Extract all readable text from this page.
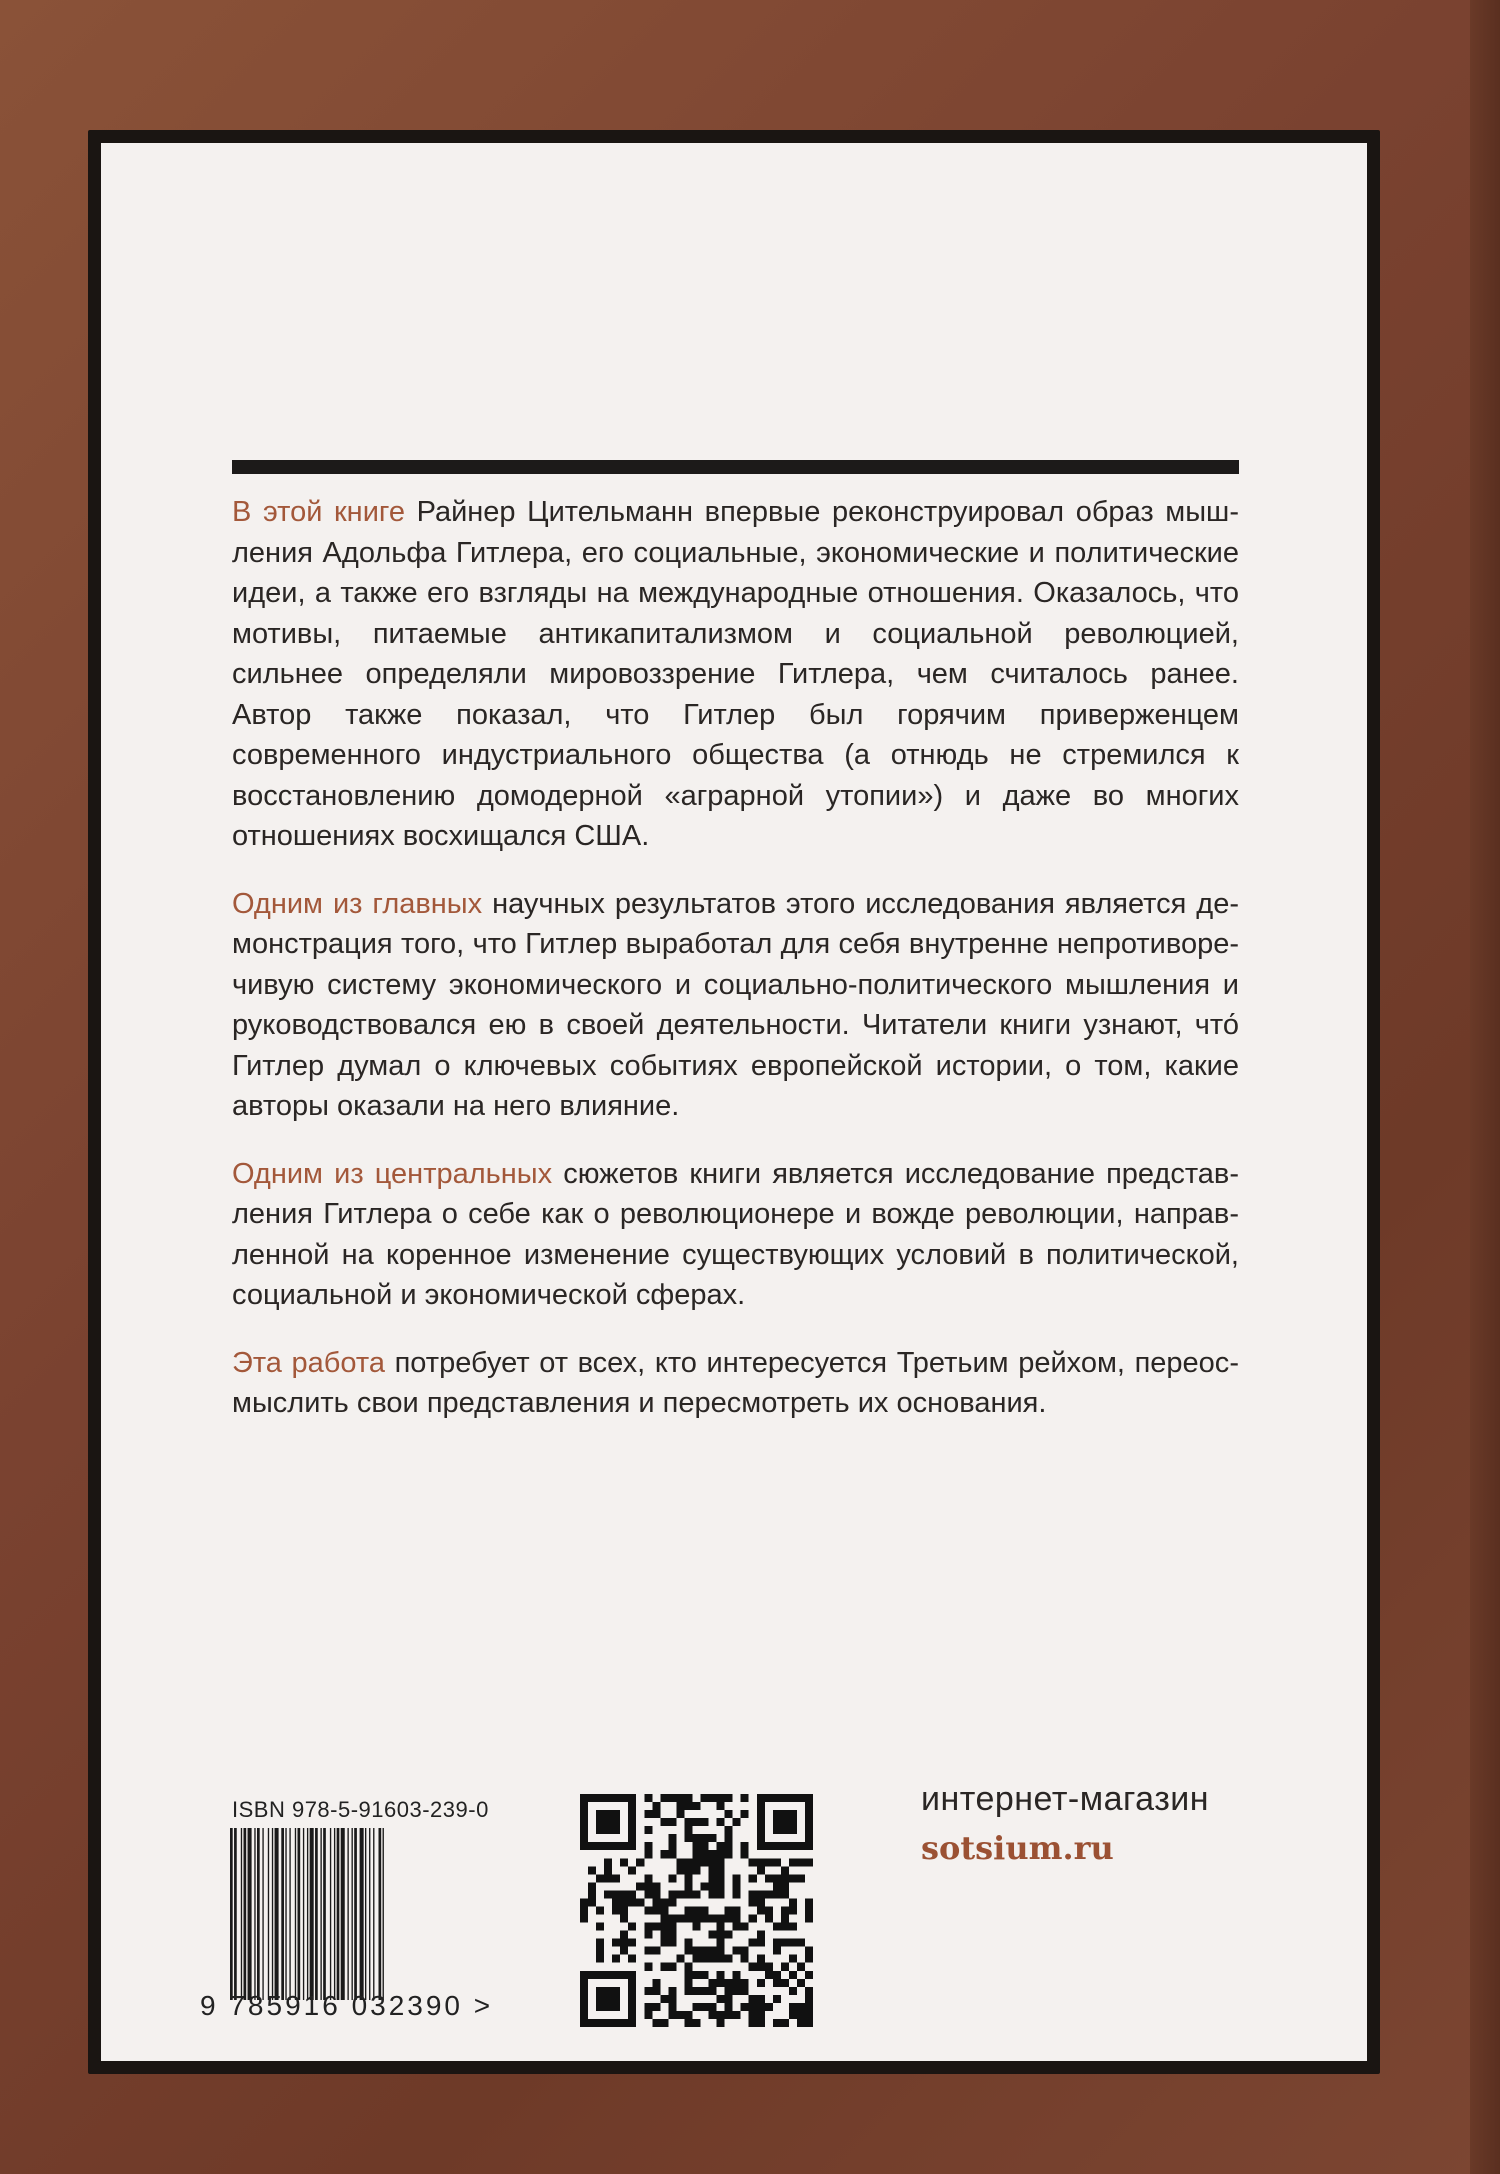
В этой книге Райнер Цительманн впервые реконструировал образ мышления Адольфа Гитлера, его социальные, экономические и политические идеи, а также его взгляды на международные отношения. Оказалось, что мотивы, питаемые антикапитализмом и социальной революцией, сильнее определяли мировоззрение Гитлера, чем считалось ранее. Автор также показал, что Гитлер был горячим приверженцем современного индустриального общества (а отнюдь не стремился к восстановлению домодерной «аграрной утопии») и даже во многих отношениях восхищался США.

Одним из главных научных результатов этого исследования является демонстрация того, что Гитлер выработал для себя внутренне непротиворечивую систему экономического и социально-политического мышления и руководствовался ею в своей деятельности. Читатели книги узнают, что́ Гитлер думал о ключевых событиях европейской истории, о том, какие авторы оказали на него влияние.

Одним из центральных сюжетов книги является исследование представления Гитлера о себе как о революционере и вожде революции, направленной на коренное изменение существующих условий в политической, социальной и экономической сферах.

Эта работа потребует от всех, кто интересуется Третьим рейхом, переосмыслить свои представления и пересмотреть их основания.

ISBN 978-5-91603-239-0
9 785916 032390 >
интернет-магазин
sotsium.ru
